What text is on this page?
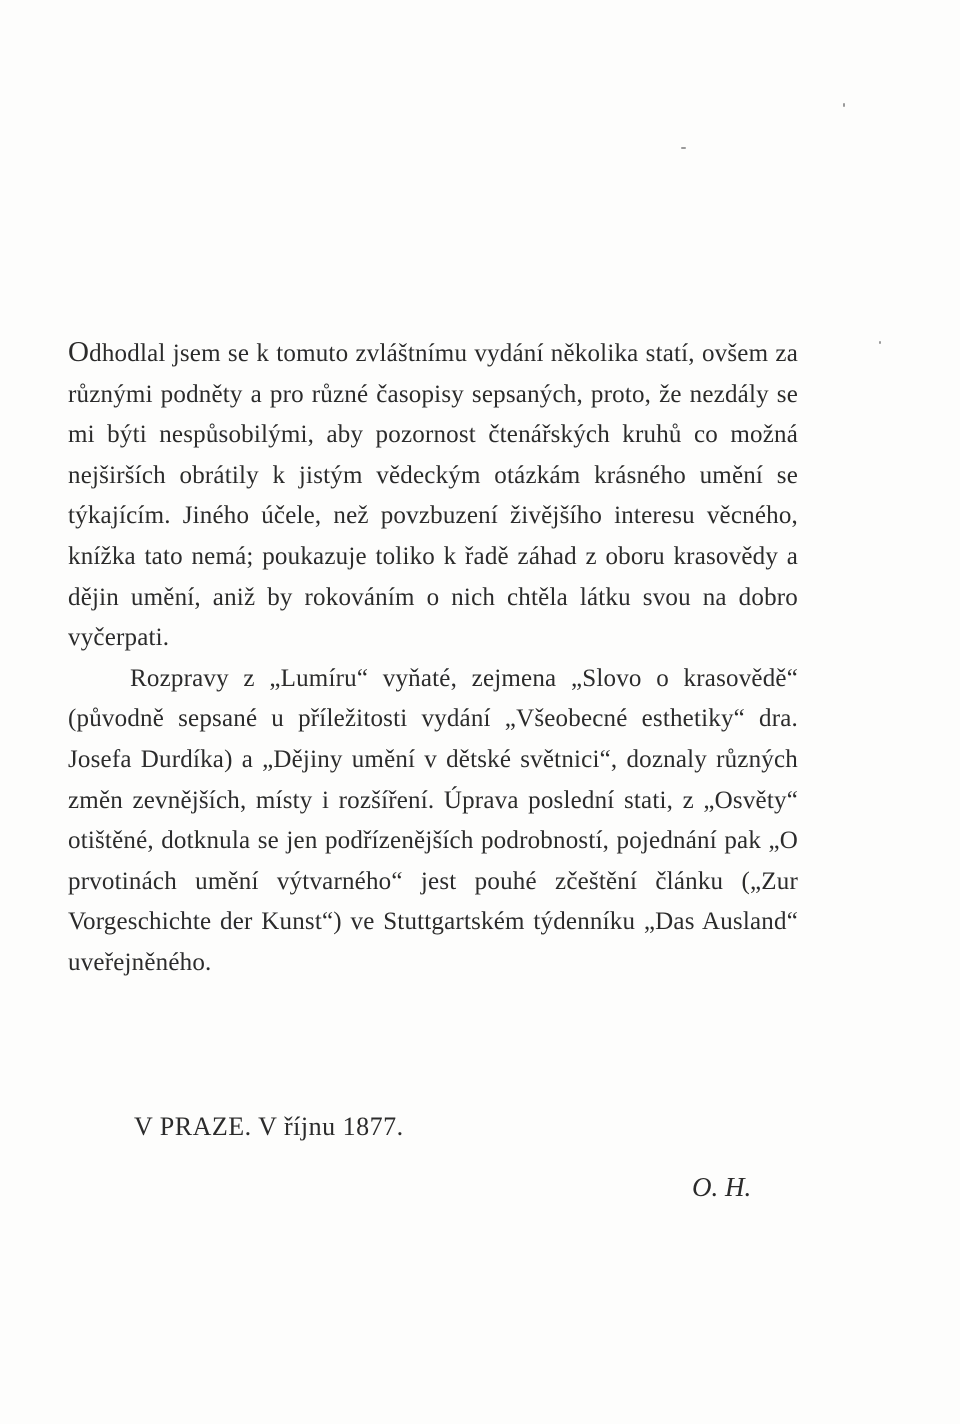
Odhodlal jsem se k tomuto zvláštnímu vydání několika statí, ovšem za různými podněty a pro různé časopisy sepsaných, proto, že nezdály se mi býti nespůsobilými, aby pozornost čtenářských kruhů co možná nejširších obrátily k jistým vědeckým otázkám krásného umění se týkajícím. Jiného účele, než povzbuzení živějšího interesu věcného, knížka tato nemá; poukazuje toliko k řadě záhad z oboru krasovědy a dějin umění, aniž by rokováním o nich chtěla látku svou na dobro vyčerpati.

Rozpravy z „Lumíru“ vyňaté, zejmena „Slovo o krasovědě“ (původně sepsané u příležitosti vydání „Všeobecné esthetiky“ dra. Josefa Durdíka) a „Dějiny umění v dětské světnici“, doznaly různých změn zevnějších, místy i rozšíření. Úprava poslední stati, z „Osvěty“ otištěné, dotknula se jen podřízenějších podrobností, pojednání pak „O prvotinách umění výtvarného“ jest pouhé zčeštění článku („Zur Vorgeschichte der Kunst“) ve Stuttgartském týdenníku „Das Ausland“ uveřejněného.

V PRAZE. V říjnu 1877.
O. H.
